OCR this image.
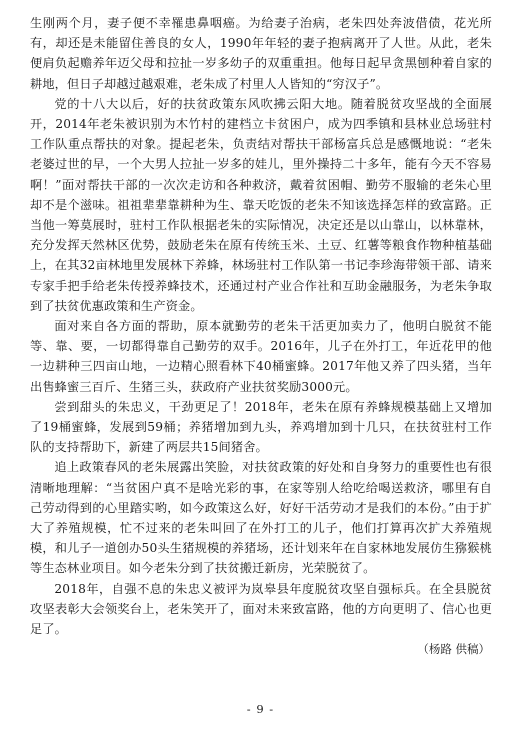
生刚两个月，妻子便不幸罹患鼻咽癌。为给妻子治病，老朱四处奔波借债，花光所有，却还是未能留住善良的女人，1990年年轻的妻子抱病离开了人世。从此，老朱便肩负起赡养年迈父母和拉扯一岁多幼子的双重重担。他每日起早贪黑刨种着自家的耕地，但日子却越过越艰难，老朱成了村里人人皆知的“穷汉子”。

党的十八大以后，好的扶贫政策东风吹拂云阳大地。随着脱贫攻坚战的全面展开，2014年老朱被识别为木竹村的建档立卡贫困户，成为四季镇和县林业总场驻村工作队重点帮扶的对象。提起老朱，负责结对帮扶干部杨富兵总是感慨地说：“老朱老婆过世的早，一个大男人拉扯一岁多的娃儿，里外操持二十多年，能有今天不容易啊！”面对帮扶干部的一次次走访和各种救济，戴着贫困帽、勤劳不服输的老朱心里却不是个滋味。祖祖辈辈靠耕种为生、靠天吃饭的老朱不知该选择怎样的致富路。正当他一筹莫展时，驻村工作队根据老朱的实际情况，决定还是以山靠山，以林靠林，充分发挥天然林区优势，鼓励老朱在原有传统玉米、土豆、红薯等粮食作物种植基础上，在其32亩林地里发展林下养蜂，林场驻村工作队第一书记李珍海带领干部、请来专家手把手给老朱传授养蜂技术，还通过村产业合作社和互助金融服务，为老朱争取到了扶贫优惠政策和生产资金。

面对来自各方面的帮助，原本就勤劳的老朱干活更加卖力了，他明白脱贫不能等、靠、要，一切都得靠自己勤劳的双手。2016年，儿子在外打工，年近花甲的他一边耕种三四亩山地，一边精心照看林下40桶蜜蜂。2017年他又养了四头猪，当年出售蜂蜜三百斤、生猪三头，获政府产业扶贫奖励3000元。

尝到甜头的朱忠义，干劲更足了！2018年，老朱在原有养蜂规模基础上又增加了19桶蜜蜂，发展到59桶；养猪增加到九头，养鸡增加到十几只，在扶贫驻村工作队的支持帮助下，新建了两层共15间猪舍。

追上政策春风的老朱展露出笑脸，对扶贫政策的好处和自身努力的重要性也有很清晰地理解：“当贫困户真不是啥光彩的事，在家等别人给吃给喝送救济，哪里有自己劳动得到的心里踏实哟，如今政策这么好，好好干活劳动才是我们的本份。”由于扩大了养殖规模，忙不过来的老朱叫回了在外打工的儿子，他们打算再次扩大养殖规模，和儿子一道创办50头生猪规模的养猪场，还计划来年在自家林地发展仿生猕猴桃等生态林业项目。如今老朱分到了扶贫搬迁新房，光荣脱贫了。

2018年，自强不息的朱忠义被评为岚皋县年度脱贫攻坚自强标兵。在全县脱贫攻坚表彰大会领奖台上，老朱笑开了，面对未来致富路，他的方向更明了、信心也更足了。

（杨路 供稿）

- 9 -
